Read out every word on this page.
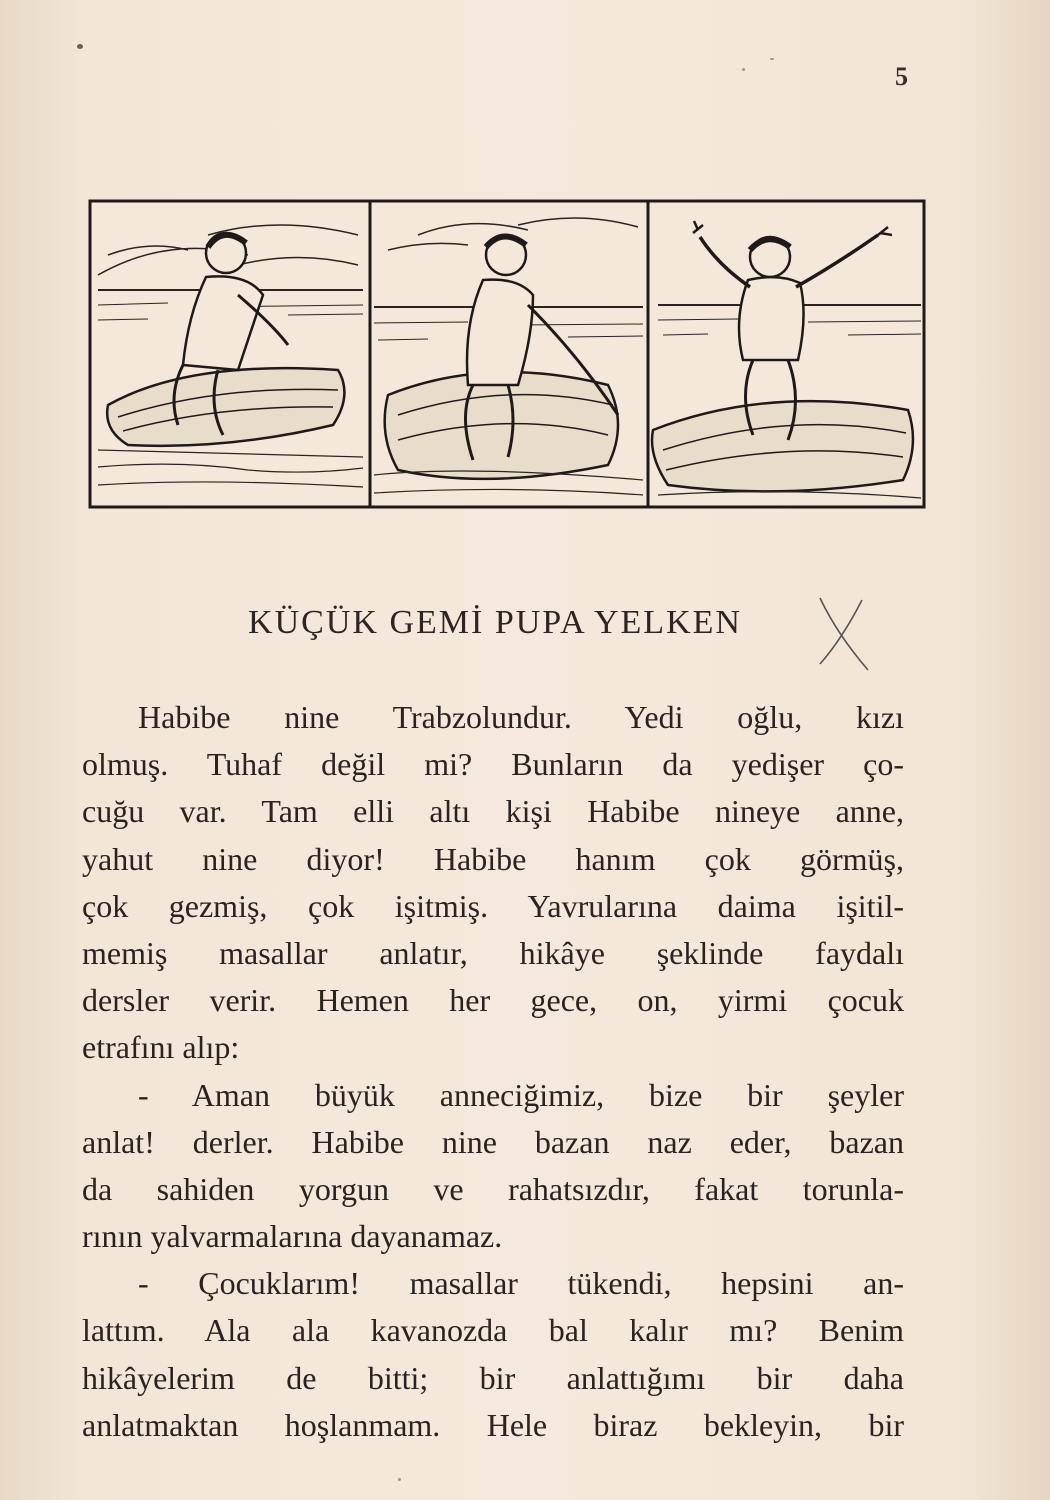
5
KÜÇÜK GEMİ PUPA YELKEN
Habibe nine Trabzolundur. Yedi oğlu, kızı
olmuş. Tuhaf değil mi? Bunların da yedişer ço-
cuğu var. Tam elli altı kişi Habibe nineye anne,
yahut nine diyor! Habibe hanım çok görmüş,
çok gezmiş, çok işitmiş. Yavrularına daima işitil-
memiş masallar anlatır, hikâye şeklinde faydalı
dersler verir. Hemen her gece, on, yirmi çocuk
etrafını alıp:
- Aman büyük anneciğimiz, bize bir şeyler
anlat! derler. Habibe nine bazan naz eder, bazan
da sahiden yorgun ve rahatsızdır, fakat torunla-
rının yalvarmalarına dayanamaz.
- Çocuklarım! masallar tükendi, hepsini an-
lattım. Ala ala kavanozda bal kalır mı? Benim
hikâyelerim de bitti; bir anlattığımı bir daha
anlatmaktan hoşlanmam. Hele biraz bekleyin, bir
